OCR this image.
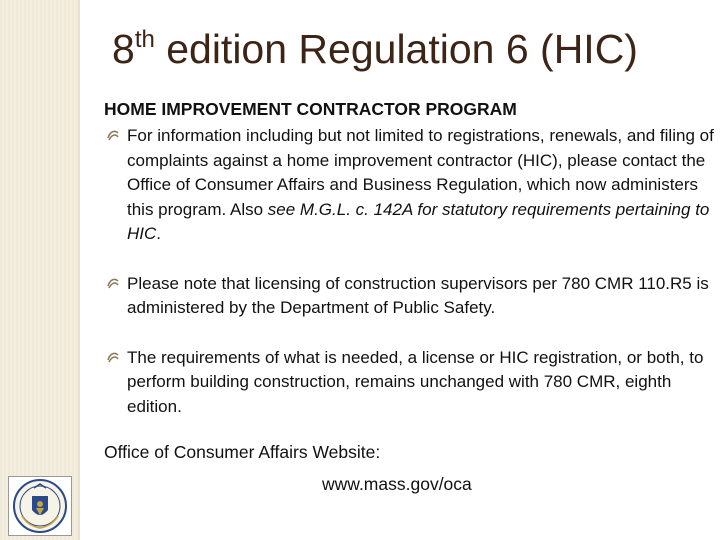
8th edition Regulation 6 (HIC)
HOME IMPROVEMENT CONTRACTOR PROGRAM
For information including but not limited to registrations, renewals, and filing of complaints against a home improvement contractor (HIC), please contact the Office of Consumer Affairs and Business Regulation, which now administers this program. Also see M.G.L. c. 142A for statutory requirements pertaining to HIC.
Please note that licensing of construction supervisors per 780 CMR 110.R5 is administered by the Department of Public Safety.
The requirements of what is needed, a license or HIC registration, or both, to perform building construction, remains unchanged with 780 CMR, eighth edition.
Office of Consumer Affairs Website:
www.mass.gov/oca
